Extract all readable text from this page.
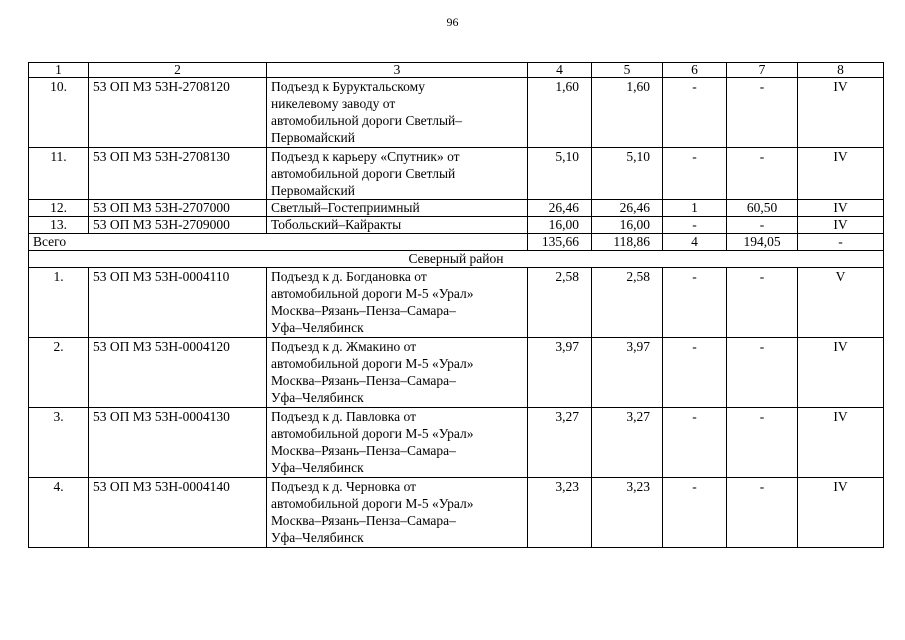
96
1	2	3	4	5	6	7	8
10.	53 ОП МЗ 53Н-2708120	Подъезд к Буруктальскому
никелевому заводу от
автомобильной дороги Светлый–
Первомайский	1,60	1,60	-	-	IV
11.	53 ОП МЗ 53Н-2708130	Подъезд к карьеру «Спутник» от
автомобильной дороги Светлый
Первомайский	5,10	5,10	-	-	IV
12.	53 ОП МЗ 53Н-2707000	Светлый–Гостеприимный	26,46	26,46	1	60,50	IV
13.	53 ОП МЗ 53Н-2709000	Тобольский–Кайракты	16,00	16,00	-	-	IV
Всего			135,66	118,86	4	194,05	-
Северный район							
1.	53 ОП МЗ 53Н-0004110	Подъезд к д. Богдановка от
автомобильной дороги М-5 «Урал»
Москва–Рязань–Пенза–Самара–
Уфа–Челябинск	2,58	2,58	-	-	V
2.	53 ОП МЗ 53Н-0004120	Подъезд к д. Жмакино от
автомобильной дороги М-5 «Урал»
Москва–Рязань–Пенза–Самара–
Уфа–Челябинск	3,97	3,97	-	-	IV
3.	53 ОП МЗ 53Н-0004130	Подъезд к д. Павловка от
автомобильной дороги М-5 «Урал»
Москва–Рязань–Пенза–Самара–
Уфа–Челябинск	3,27	3,27	-	-	IV
4.	53 ОП МЗ 53Н-0004140	Подъезд к д. Черновка от
автомобильной дороги М-5 «Урал»
Москва–Рязань–Пенза–Самара–
Уфа–Челябинск	3,23	3,23	-	-	IV
